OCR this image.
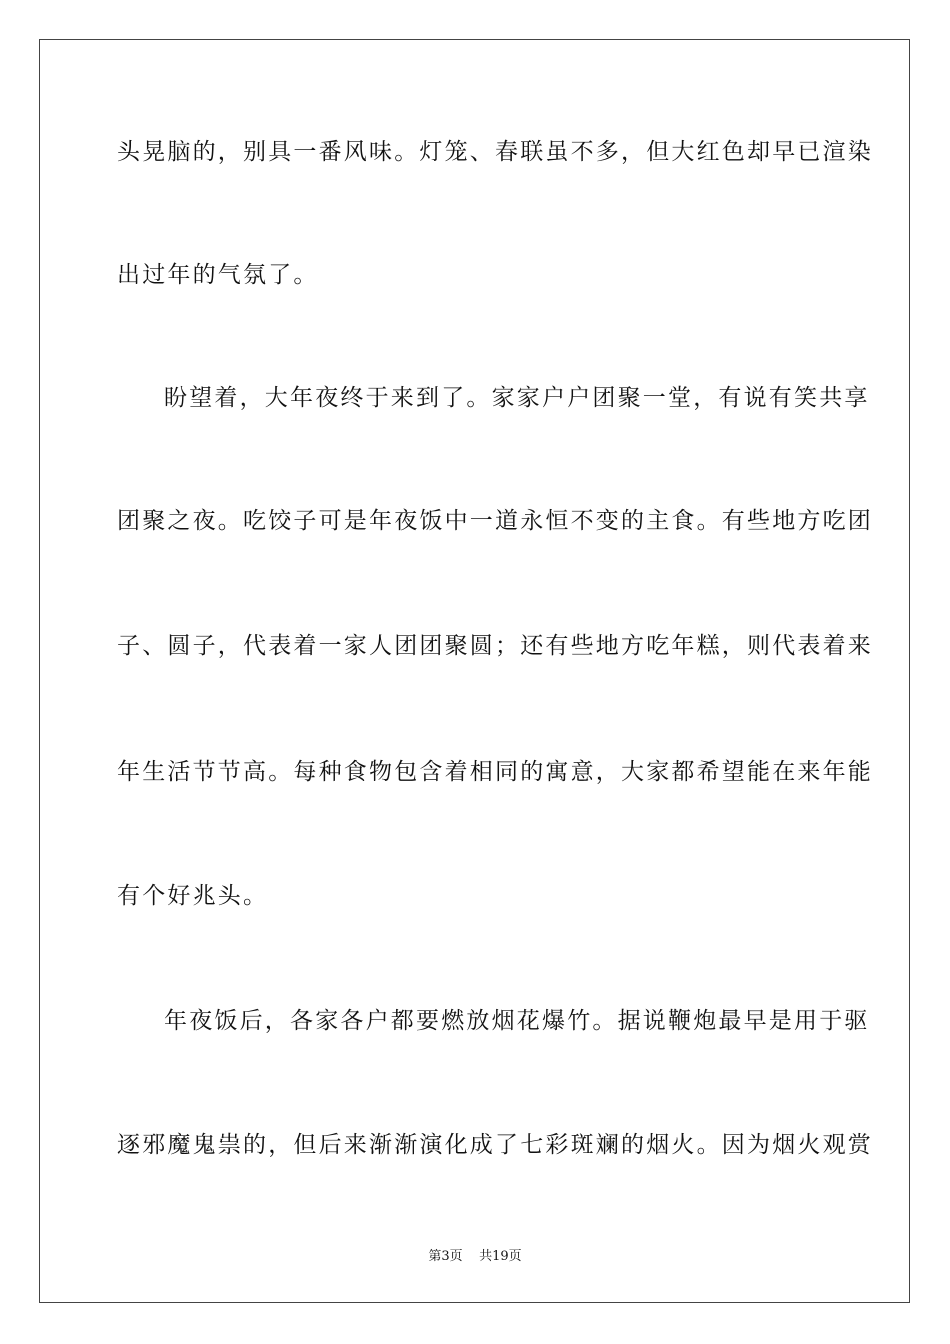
头晃脑的，别具一番风味。灯笼、春联虽不多，但大红色却早已渲染
出过年的气氛了。
盼望着，大年夜终于来到了。家家户户团聚一堂，有说有笑共享
团聚之夜。吃饺子可是年夜饭中一道永恒不变的主食。有些地方吃团
子、圆子，代表着一家人团团聚圆；还有些地方吃年糕，则代表着来
年生活节节高。每种食物包含着相同的寓意，大家都希望能在来年能
有个好兆头。
年夜饭后，各家各户都要燃放烟花爆竹。据说鞭炮最早是用于驱
逐邪魔鬼祟的，但后来渐渐演化成了七彩斑斓的烟火。因为烟火观赏
第3页 共19页
